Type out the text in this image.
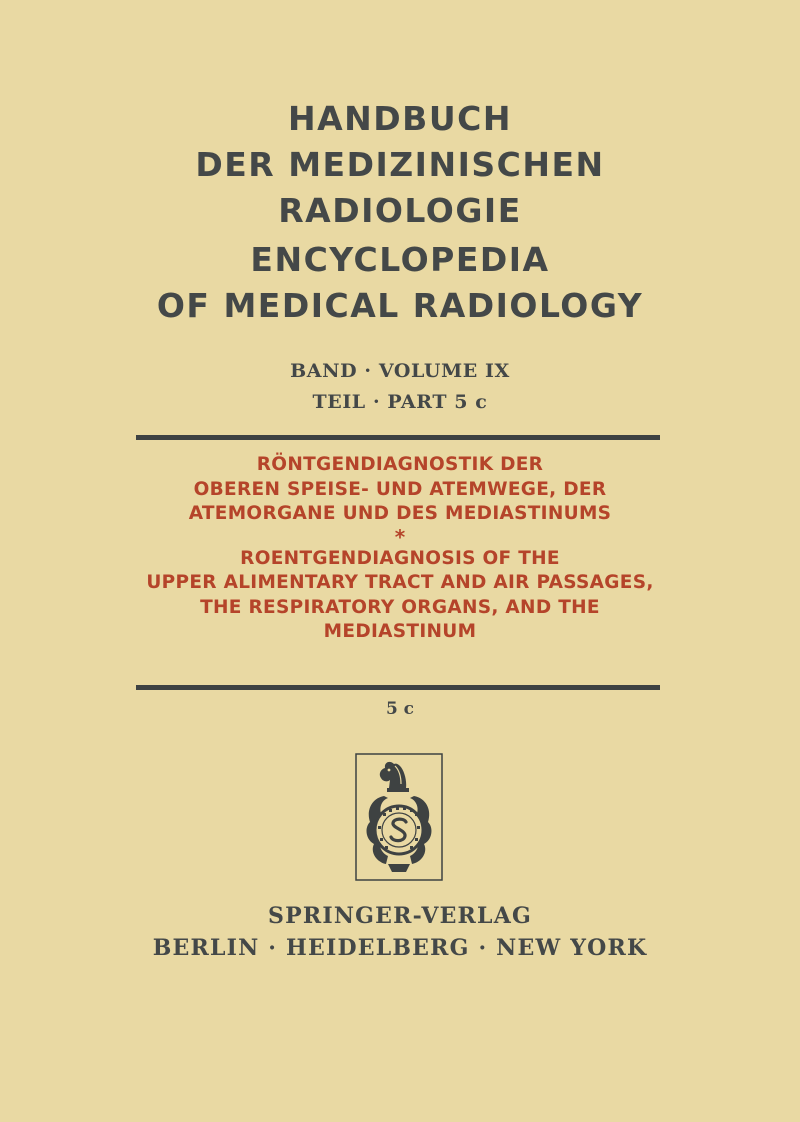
HANDBUCH

DER MEDIZINISCHEN

RADIOLOGIE

ENCYCLOPEDIA

OF MEDICAL RADIOLOGY

BAND · VOLUME IX

TEIL · PART 5 c

RÖNTGENDIAGNOSTIK DER

OBEREN SPEISE- UND ATEMWEGE, DER

ATEMORGANE UND DES MEDIASTINUMS

*

ROENTGENDIAGNOSIS OF THE

UPPER ALIMENTARY TRACT AND AIR PASSAGES,

THE RESPIRATORY ORGANS, AND THE

MEDIASTINUM

5 c

SPRINGER-VERLAG

BERLIN · HEIDELBERG · NEW YORK
